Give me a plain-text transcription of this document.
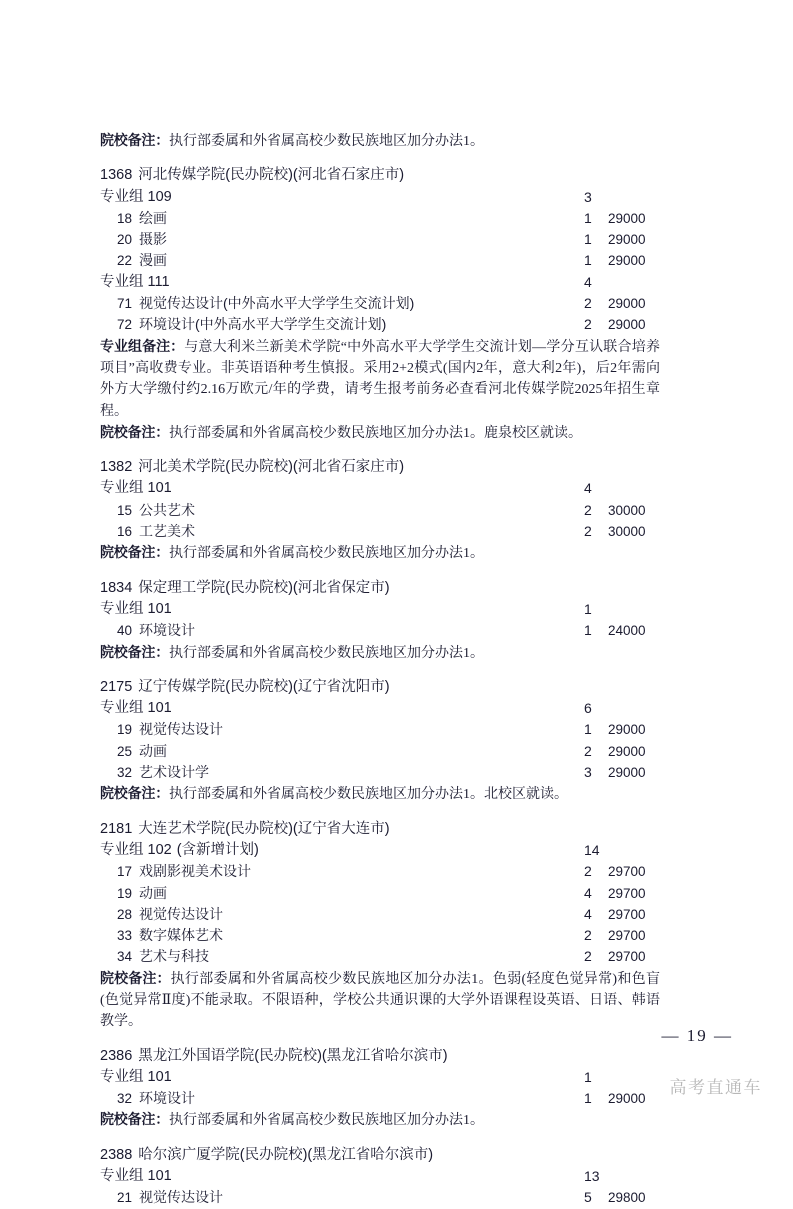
院校备注：执行部委属和外省属高校少数民族地区加分办法1。
1368 河北传媒学院(民办院校)(河北省石家庄市)
专业组 109	3
18 绘画	1	29000
20 摄影	1	29000
22 漫画	1	29000
专业组 111	4
71 视觉传达设计(中外高水平大学学生交流计划)	2	29000
72 环境设计(中外高水平大学学生交流计划)	2	29000
专业组备注：与意大利米兰新美术学院“中外高水平大学学生交流计划—学分互认联合培养项目”高收费专业。非英语语种考生慎报。采用2+2模式(国内2年，意大利2年)，后2年需向外方大学缴付约2.16万欧元/年的学费，请考生报考前务必查看河北传媒学院2025年招生章程。
院校备注：执行部委属和外省属高校少数民族地区加分办法1。鹿泉校区就读。
1382 河北美术学院(民办院校)(河北省石家庄市)
专业组 101	4
15 公共艺术	2	30000
16 工艺美术	2	30000
院校备注：执行部委属和外省属高校少数民族地区加分办法1。
1834 保定理工学院(民办院校)(河北省保定市)
专业组 101	1
40 环境设计	1	24000
院校备注：执行部委属和外省属高校少数民族地区加分办法1。
2175 辽宁传媒学院(民办院校)(辽宁省沈阳市)
专业组 101	6
19 视觉传达设计	1	29000
25 动画	2	29000
32 艺术设计学	3	29000
院校备注：执行部委属和外省属高校少数民族地区加分办法1。北校区就读。
2181 大连艺术学院(民办院校)(辽宁省大连市)
专业组 102 (含新增计划)	14
17 戏剧影视美术设计	2	29700
19 动画	4	29700
28 视觉传达设计	4	29700
33 数字媒体艺术	2	29700
34 艺术与科技	2	29700
院校备注：执行部委属和外省属高校少数民族地区加分办法1。色弱(轻度色觉异常)和色盲(色觉异常Ⅱ度)不能录取。不限语种，学校公共通识课的大学外语课程设英语、日语、韩语教学。
2386 黑龙江外国语学院(民办院校)(黑龙江省哈尔滨市)
专业组 101	1
32 环境设计	1	29000
院校备注：执行部委属和外省属高校少数民族地区加分办法1。
2388 哈尔滨广厦学院(民办院校)(黑龙江省哈尔滨市)
专业组 101	13
21 视觉传达设计	5	29800
— 19 —
高考直通车
